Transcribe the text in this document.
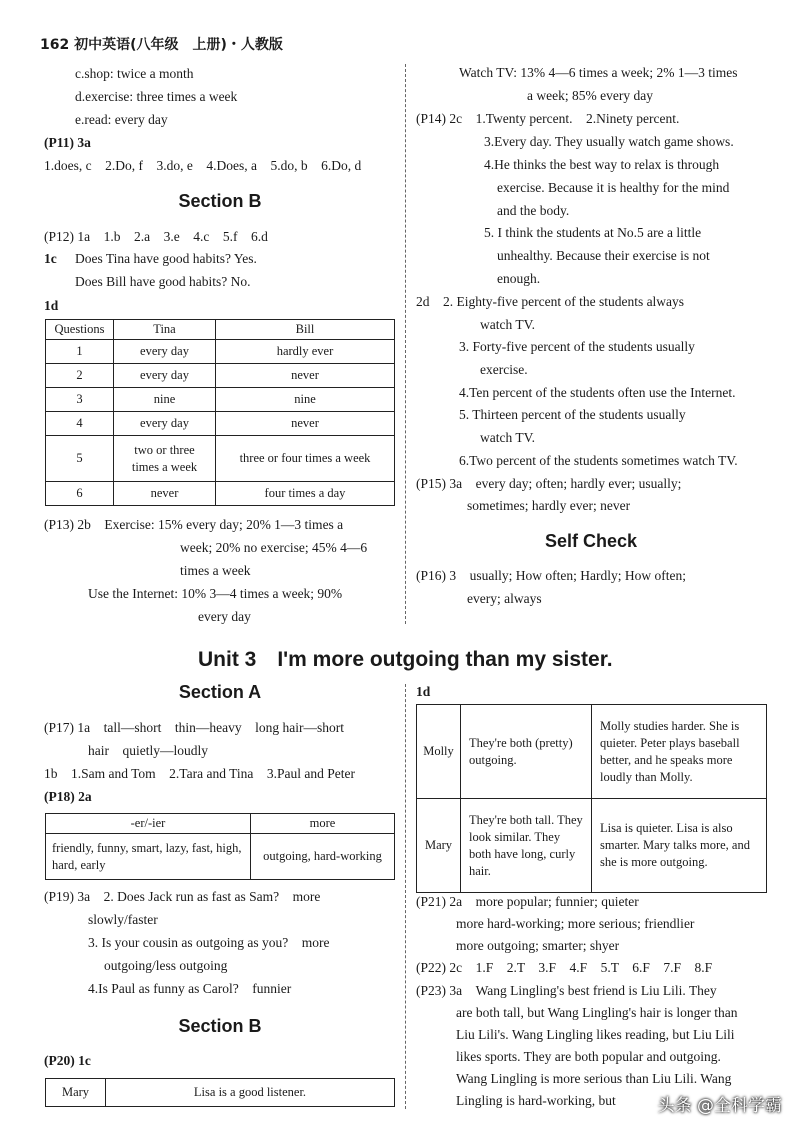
162 初中英语(八年级　上册)・人教版
c.shop: twice a month
d.exercise: three times a week
e.read: every day
(P11) 3a
1.does, c　2.Do, f　3.do, e　4.Does, a　5.do, b　6.Do, d
Section B
(P12) 1a　1.b　2.a　3.e　4.c　5.f　6.d
1c Does Tina have good habits? Yes.
Does Bill have good habits? No.
1d
Questions	Tina	Bill
1	every day	hardly ever
2	every day	never
3	nine	nine
4	every day	never
5	two or three times a week	three or four times a week
6	never	four times a day
(P13) 2b　Exercise: 15% every day; 20% 1—3 times a
week; 20% no exercise; 45% 4—6
times a week
Use the Internet: 10% 3—4 times a week; 90%
every day
Watch TV: 13% 4—6 times a week; 2% 1—3 times
a week; 85% every day
(P14) 2c　1.Twenty percent.　2.Ninety percent.
3.Every day. They usually watch game shows.
4.He thinks the best way to relax is through
exercise. Because it is healthy for the mind
and the body.
5. I think the students at No.5 are a little
unhealthy. Because their exercise is not
enough.
2d　2. Eighty-five percent of the students always
watch TV.
3. Forty-five percent of the students usually
exercise.
4.Ten percent of the students often use the Internet.
5. Thirteen percent of the students usually
watch TV.
6.Two percent of the students sometimes watch TV.
(P15) 3a　every day; often; hardly ever; usually;
sometimes; hardly ever; never
Self Check
(P16) 3　usually; How often; Hardly; How often;
every; always
Unit 3　I'm more outgoing than my sister.
Section A
(P17) 1a　tall—short　thin—heavy　long hair—short
hair　quietly—loudly
1b　1.Sam and Tom　2.Tara and Tina　3.Paul and Peter
(P18) 2a
-er/-ier	more
friendly, funny, smart, lazy, fast, high, hard, early	outgoing, hard-working
(P19) 3a　2. Does Jack run as fast as Sam?　more
slowly/faster
3. Is your cousin as outgoing as you?　more
outgoing/less outgoing
4.Is Paul as funny as Carol?　funnier
Section B
(P20) 1c
Mary	Lisa is a good listener.
1d
Molly	They're both (pretty) outgoing.	Molly studies harder. She is quieter. Peter plays baseball better, and he speaks more loudly than Molly.
Mary	They're both tall. They look similar. They both have long, curly hair.	Lisa is quieter. Lisa is also smarter. Mary talks more, and she is more outgoing.
(P21) 2a　more popular; funnier; quieter
more hard-working; more serious; friendlier
more outgoing; smarter; shyer
(P22) 2c　1.F　2.T　3.F　4.F　5.T　6.F　7.F　8.F
(P23) 3a　Wang Lingling's best friend is Liu Lili. They
are both tall, but Wang Lingling's hair is longer than
Liu Lili's. Wang Lingling likes reading, but Liu Lili
likes sports. They are both popular and outgoing.
Wang Lingling is more serious than Liu Lili. Wang
Lingling is hard-working, but 头条 @全科学霸
